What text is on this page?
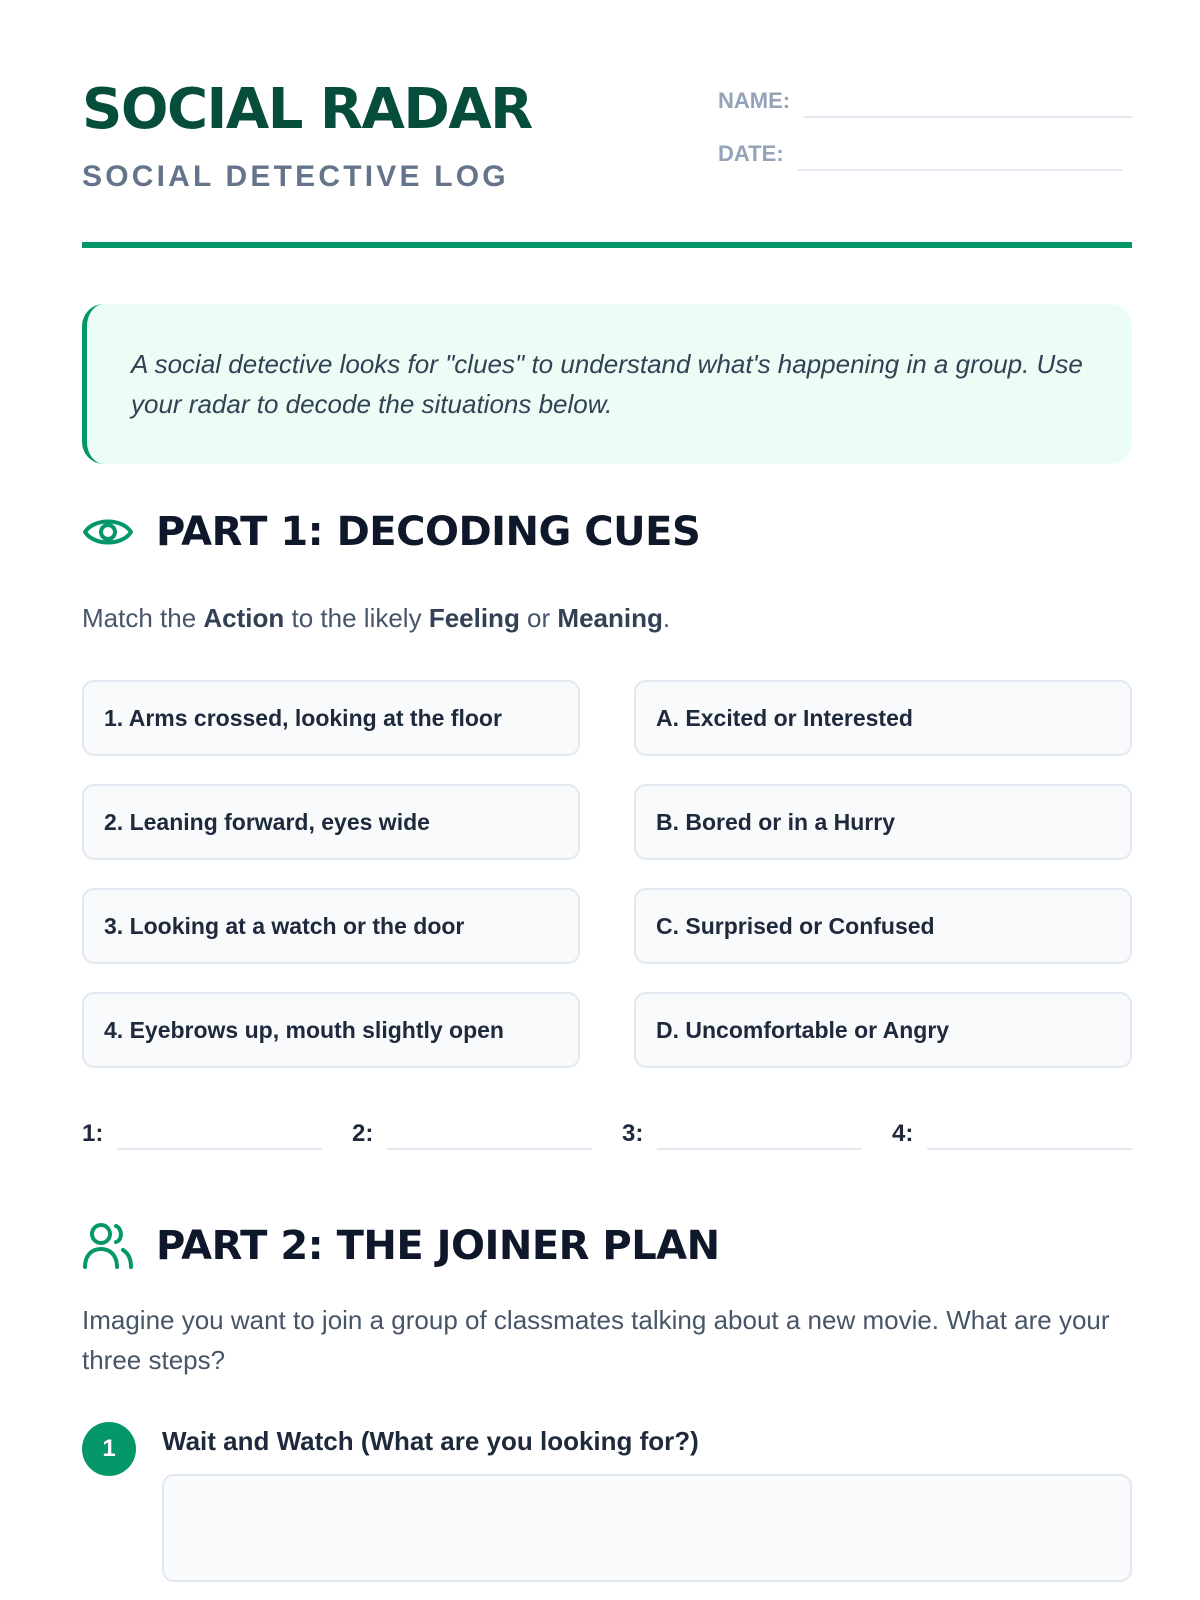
SOCIAL RADAR

SOCIAL DETECTIVE LOG

NAME:
DATE:

A social detective looks for "clues" to understand what's happening in a group. Use your radar to decode the situations below.

PART 1: DECODING CUES

Match the Action to the likely Feeling or Meaning.

1. Arms crossed, looking at the floor	A. Excited or Interested
2. Leaning forward, eyes wide	B. Bored or in a Hurry
3. Looking at a watch or the door	C. Surprised or Confused
4. Eyebrows up, mouth slightly open	D. Uncomfortable or Angry
1:	2:	3:	4:
PART 2: THE JOINER PLAN

Imagine you want to join a group of classmates talking about a new movie. What are your three steps?

1	Wait and Watch (What are you looking for?)
